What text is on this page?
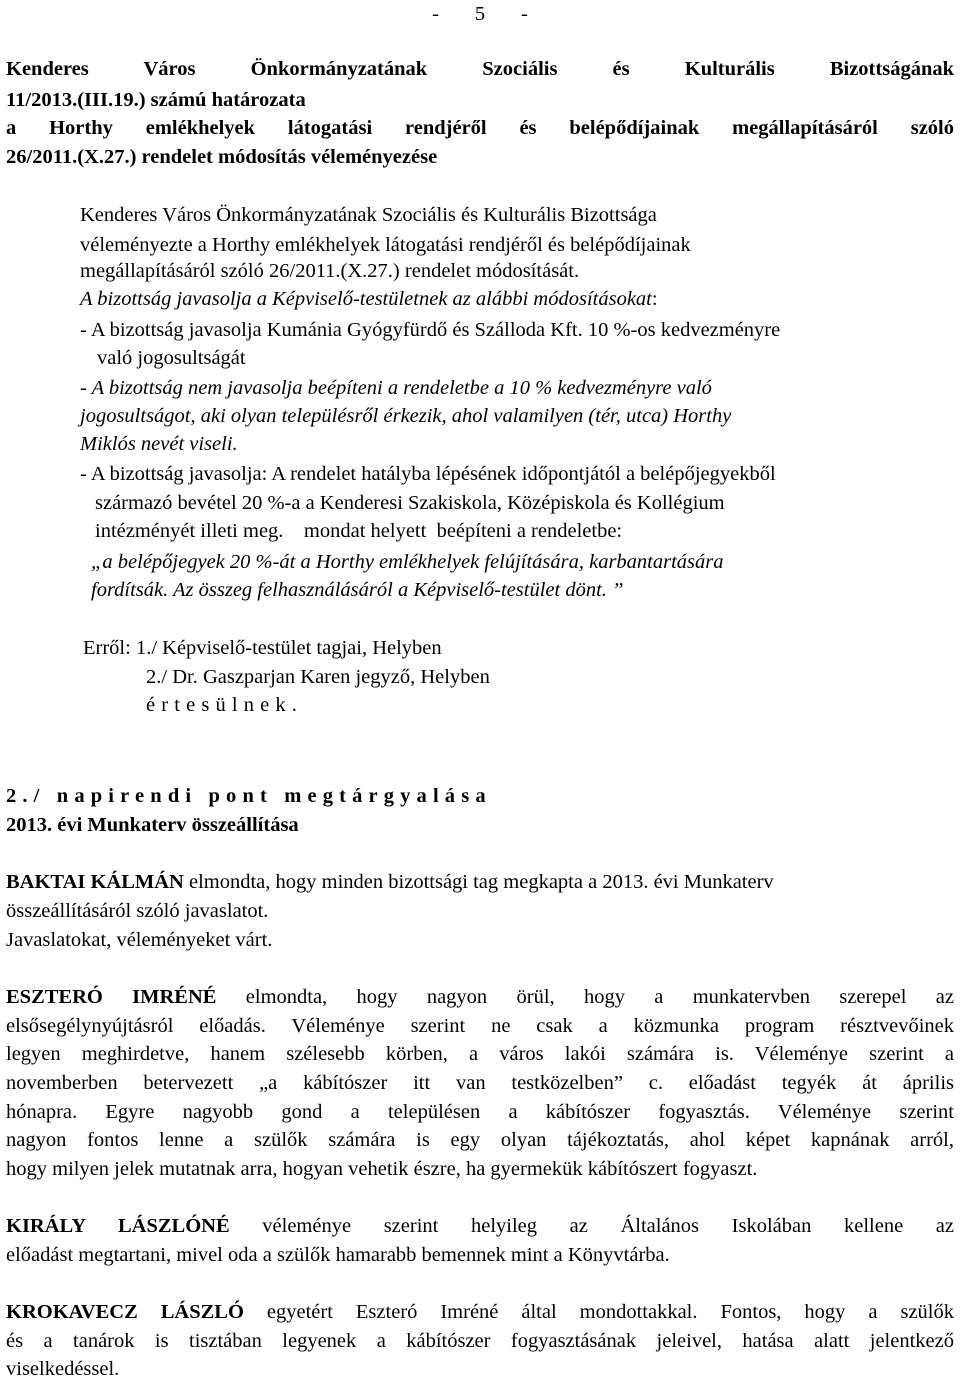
-       5       -
Kenderes Város Önkormányzatának Szociális és Kulturális Bizottságának
11/2013.(III.19.) számú határozata
a Horthy emlékhelyek látogatási rendjéről és belépődíjainak megállapításáról szóló
26/2011.(X.27.) rendelet módosítás véleményezése
Kenderes Város Önkormányzatának Szociális és Kulturális Bizottsága
véleményezte a Horthy emlékhelyek látogatási rendjéről és belépődíjainak
megállapításáról szóló 26/2011.(X.27.) rendelet módosítását.
A bizottság javasolja a Képviselő-testületnek az alábbi módosításokat:
- A bizottság javasolja Kumánia Gyógyfürdő és Szálloda Kft. 10 %-os kedvezményre
való jogosultságát
- A bizottság nem javasolja beépíteni a rendeletbe a 10 % kedvezményre való
jogosultságot, aki olyan településről érkezik, ahol valamilyen (tér, utca) Horthy
Miklós nevét viseli.
- A bizottság javasolja: A rendelet hatályba lépésének időpontjától a belépőjegyekből
származó bevétel 20 %-a a Kenderesi Szakiskola, Középiskola és Kollégium
intézményét illeti meg.    mondat helyett  beépíteni a rendeletbe:
„a belépőjegyek 20 %-át a Horthy emlékhelyek felújítására, karbantartására
fordítsák. Az összeg felhasználásáról a Képviselő-testület dönt. ”
Erről: 1./ Képviselő-testület tagjai, Helyben
2./ Dr. Gaszparjan Karen jegyző, Helyben
értesülnek.
2./ napirendi pont megtárgyalása
2013. évi Munkaterv összeállítása
BAKTAI KÁLMÁN elmondta, hogy minden bizottsági tag megkapta a 2013. évi Munkaterv
összeállításáról szóló javaslatot.
Javaslatokat, véleményeket várt.
ESZTERÓ IMRÉNÉ elmondta, hogy nagyon örül, hogy a munkatervben szerepel az
elsősegélynyújtásról előadás. Véleménye szerint ne csak a közmunka program résztvevőinek
legyen meghirdetve, hanem szélesebb körben, a város lakói számára is. Véleménye szerint a
novemberben betervezett „a kábítószer itt van testközelben” c. előadást tegyék át április
hónapra. Egyre nagyobb gond a településen a kábítószer fogyasztás. Véleménye szerint
nagyon fontos lenne a szülők számára is egy olyan tájékoztatás, ahol képet kapnának arról,
hogy milyen jelek mutatnak arra, hogyan vehetik észre, ha gyermekük kábítószert fogyaszt.
KIRÁLY LÁSZLÓNÉ véleménye szerint helyileg az Általános Iskolában kellene az
előadást megtartani, mivel oda a szülők hamarabb bemennek mint a Könyvtárba.
KROKAVECZ LÁSZLÓ egyetért Eszteró Imréné által mondottakkal. Fontos, hogy a szülők
és a tanárok is tisztában legyenek a kábítószer fogyasztásának jeleivel, hatása alatt jelentkező
viselkedéssel.
